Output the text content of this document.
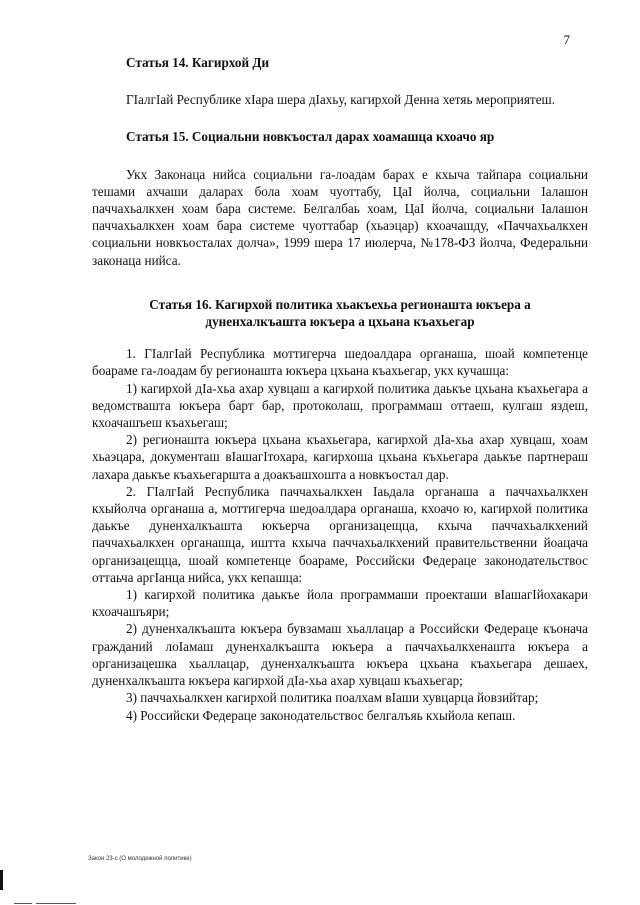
7
Статья 14. Кагирхой Ди

ГIалгIай Республике хIара шера дIахьу, кагирхой Денна хетяь мероприятеш.

Статья 15. Социальни новкъостал дарах хоамашца кхоачо яр

Укх Законаца нийса социальни га-лоадам барах е кхыча тайпара социальни тешами ахчаши даларах бола хоам чуоттабу, ЦаI йолча, социальни Iалашон паччахьалкхен хоам бара системе. Белгалбаь хоам, ЦаI йолча, социальни Iалашон паччахьалкхен хоам бара системе чуоттабар (хьаэцар) кхоачашду, «Паччахьалкхен социальни новкъосталах долча», 1999 шера 17 июлерча, №178-ФЗ йолча, Федеральни законаца нийса.

Статья 16. Кагирхой политика хьакъехьа регионашта юкъера а дуненхалкъашта юкъера а цхьана къахьегар

1. ГIалгIай Республика моттигерча шедоалдара органаша, шоай компетенце боараме га-лоадам бу регионашта юкъера цхьана къахьегар, укх кучашца:

1) кагирхой дIа-хьа ахар хувцаш а кагирхой политика даькъе цхьана къахьегара а ведомствашта юкъера барт бар, протоколаш, программаш оттаеш, кулгаш яздеш, кхоачашъеш къахьегаш;

2) регионашта юкъера цхьана къахьегара, кагирхой дIа-хьа ахар хувцаш, хоам хьаэцара, документаш вIашагIтохара, кагирхоша цхьана къхьегара даькъе партнераш лахара даькъе къахьегаршта а доакъашхошта а новкъостал дар.

2. ГIалгIай Республика паччахьалкхен Iаьдала органаша а паччахьалкхен кхыйолча органаша а, моттигерча шедоалдара органаша, кхоачо ю, кагирхой политика даькъе дуненхалкъашта юкъерча организацещца, кхыча паччахьалкхений паччахьалкхен органашца, иштта кхыча паччахьалкхений правительственни йоацача организацещца, шоай компетенце боараме, Российски Федераце законодательствос оттаьча аргIанца нийса, укх кепашца:

1) кагирхой политика даькъе йола программаши проекташи вIашагIйохакари кхоачашъяри;

2) дуненхалкъашта юкъера бувзамаш хьаллацар а Российски Федераце къонача гражданий лоIамаш дуненхалкъашта юкъера а паччахьалкхенашта юкъера а организацешка хьаллацар, дуненхалкъашта юкъера цхьана къахьегара дешаех, дуненхалкъашта юкъера кагирхой дIа-хьа ахар хувцаш къахьегар;

3) паччахьалкхен кагирхой политика поалхам вIаши хувцарца йовзийтар;

4) Российски Федераце законодательствос белгалъяь кхыйола кепаш.

Закон 23-с (О молодежной политике)
